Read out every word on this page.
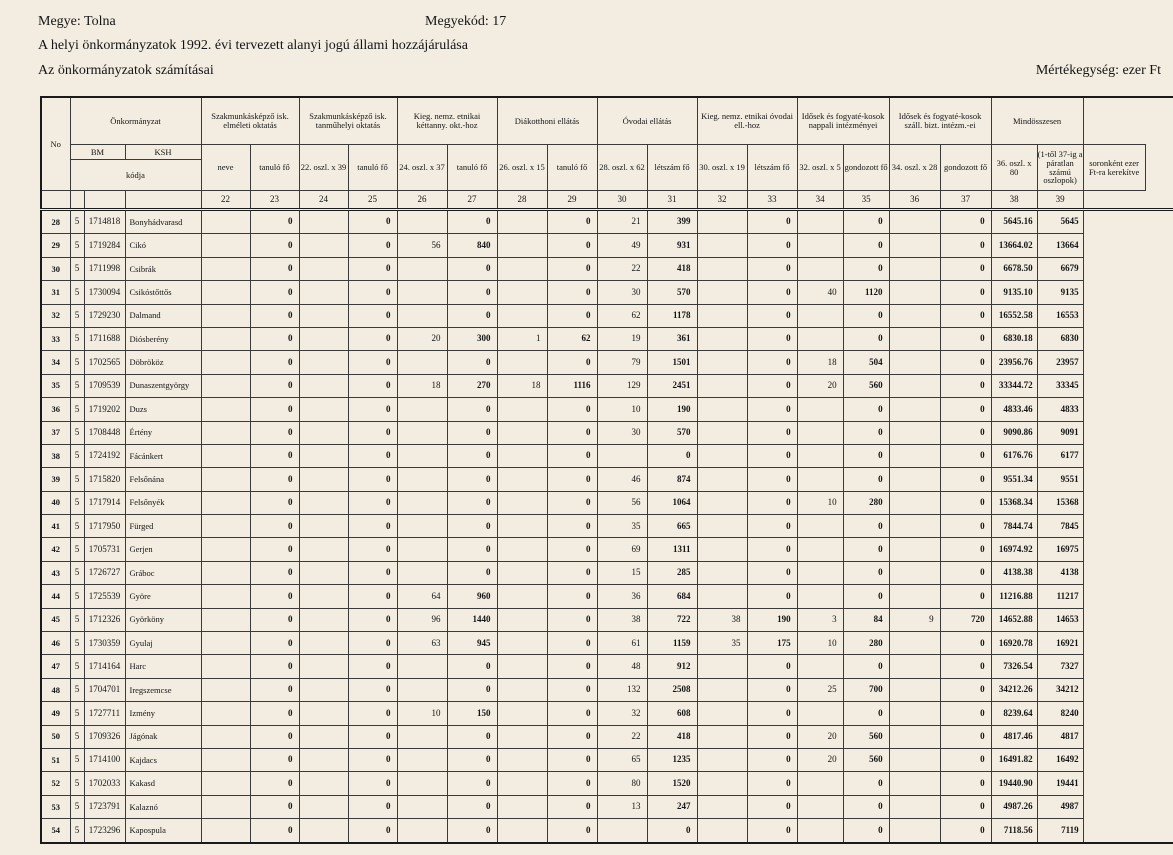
Megye: Tolna	Megyekód: 17
A helyi önkormányzatok 1992. évi tervezett alanyi jogú állami hozzájárulása
Az önkormányzatok számításai	Mértékegység: ezer Ft
No	Önkormányzat			Szakmunkásképző isk. elméleti oktatás		Szakmunkásképző isk. tanműhelyi oktatás		Kieg. nemz. etnikai kéttanny. okt.-hoz		Diákotthoni ellátás		Óvodai ellátás		Kieg. nemz. etnikai óvodai ell.-hoz		Idősek és fogyaté-kosok nappali intézményei		Idősek és fogyaté-kosok száll. bizt. intézm.-ei		Mindösszesen		
	BM		KSH	neve	tanuló fő	22. oszl. x 39	tanuló fő	24. oszl. x 37	tanuló fő	26. oszl. x 15	tanuló fő	28. oszl. x 62	létszám fő	30. oszl. x 19	létszám fő	32. oszl. x 5	gondozott fő	34. oszl. x 28	gondozott fő	36. oszl. x 80	(1-től 37-ig a páratlan számú oszlopok)	soronként ezer Ft-ra kerekítve
	kódja																					
				22	23	24	25	26	27	28	29	30	31	32	33	34	35	36	37	38	39	
28	5	1714818	Bonyhádvarasd		0		0		0		0	21	399		0		0		0	5645.16	5645	
29	5	1719284	Cikó		0		0	56	840		0	49	931		0		0		0	13664.02	13664	
30	5	1711998	Csibrák		0		0		0		0	22	418		0		0		0	6678.50	6679	
31	5	1730094	Csikóstőttős		0		0		0		0	30	570		0	40	1120		0	9135.10	9135	
32	5	1729230	Dalmand		0		0		0		0	62	1178		0		0		0	16552.58	16553	
33	5	1711688	Diósberény		0		0	20	300	1	62	19	361		0		0		0	6830.18	6830	
34	5	1702565	Döbrököz		0		0		0		0	79	1501		0	18	504		0	23956.76	23957	
35	5	1709539	Dunaszentgyörgy		0		0	18	270	18	1116	129	2451		0	20	560		0	33344.72	33345	
36	5	1719202	Duzs		0		0		0		0	10	190		0		0		0	4833.46	4833	
37	5	1708448	Értény		0		0		0		0	30	570		0		0		0	9090.86	9091	
38	5	1724192	Fácánkert		0		0		0		0		0		0		0		0	6176.76	6177	
39	5	1715820	Felsőnána		0		0		0		0	46	874		0		0		0	9551.34	9551	
40	5	1717914	Felsőnyék		0		0		0		0	56	1064		0	10	280		0	15368.34	15368	
41	5	1717950	Fürged		0		0		0		0	35	665		0		0		0	7844.74	7845	
42	5	1705731	Gerjen		0		0		0		0	69	1311		0		0		0	16974.92	16975	
43	5	1726727	Gráboc		0		0		0		0	15	285		0		0		0	4138.38	4138	
44	5	1725539	Györe		0		0	64	960		0	36	684		0		0		0	11216.88	11217	
45	5	1712326	Györköny		0		0	96	1440		0	38	722	38	190	3	84	9	720	14652.88	14653	
46	5	1730359	Gyulaj		0		0	63	945		0	61	1159	35	175	10	280		0	16920.78	16921	
47	5	1714164	Harc		0		0		0		0	48	912		0		0		0	7326.54	7327	
48	5	1704701	Iregszemcse		0		0		0		0	132	2508		0	25	700		0	34212.26	34212	
49	5	1727711	Izmény		0		0	10	150		0	32	608		0		0		0	8239.64	8240	
50	5	1709326	Jágónak		0		0		0		0	22	418		0	20	560		0	4817.46	4817	
51	5	1714100	Kajdacs		0		0		0		0	65	1235		0	20	560		0	16491.82	16492	
52	5	1702033	Kakasd		0		0		0		0	80	1520		0		0		0	19440.90	19441	
53	5	1723791	Kalaznó		0		0		0		0	13	247		0		0		0	4987.26	4987	
54	5	1723296	Kapospula		0		0		0		0		0		0		0		0	7118.56	7119	
